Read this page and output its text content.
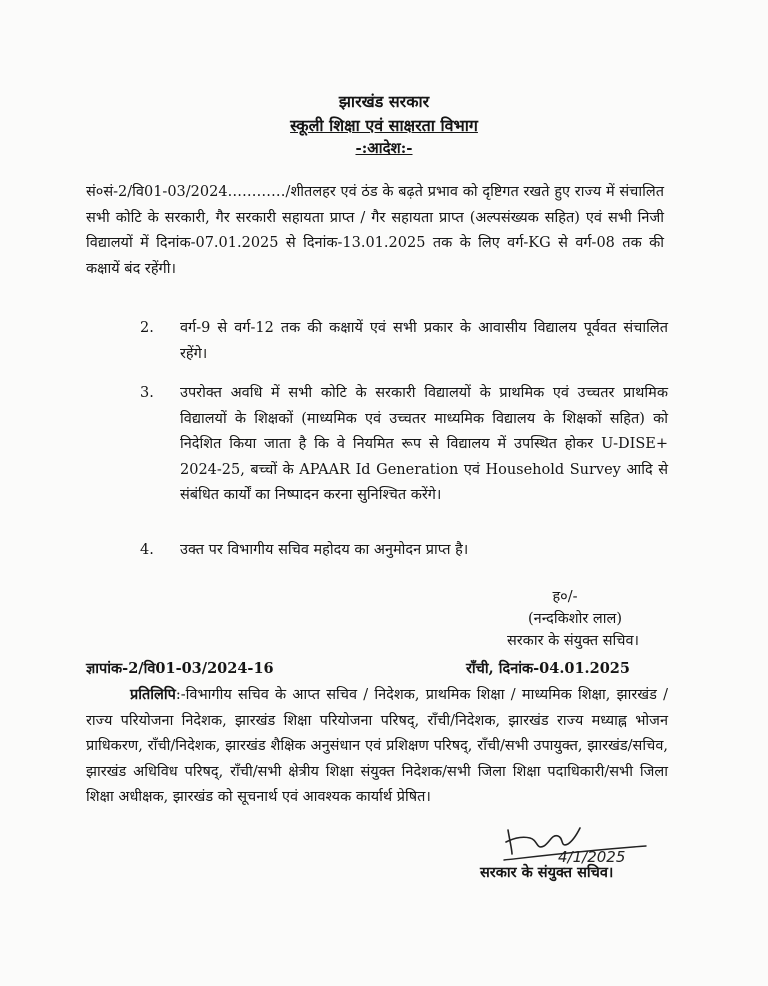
झारखंड सरकार
स्कूली शिक्षा एवं साक्षरता विभाग
-:आदेश:-
सं०सं-2/वि01-03/2024…………/शीतलहर एवं ठंड के बढ़ते प्रभाव को दृष्टिगत रखते हुए राज्य में संचालित सभी कोटि के सरकारी, गैर सरकारी सहायता प्राप्त / गैर सहायता प्राप्त (अल्पसंख्यक सहित) एवं सभी निजी विद्यालयों में दिनांक-07.01.2025 से दिनांक-13.01.2025 तक के लिए वर्ग-KG से वर्ग-08 तक की कक्षायें बंद रहेंगी।
2.	वर्ग-9 से वर्ग-12 तक की कक्षायें एवं सभी प्रकार के आवासीय विद्यालय पूर्ववत संचालित रहेंगे।
3.	उपरोक्त अवधि में सभी कोटि के सरकारी विद्यालयों के प्राथमिक एवं उच्चतर प्राथमिक विद्यालयों के शिक्षकों (माध्यमिक एवं उच्चतर माध्यमिक विद्यालय के शिक्षकों सहित) को निदेशित किया जाता है कि वे नियमित रूप से विद्यालय में उपस्थित होकर U-DISE+ 2024-25, बच्चों के APAAR Id Generation एवं Household Survey आदि से संबंधित कार्यों का निष्पादन करना सुनिश्चित करेंगे।
4.	उक्त पर विभागीय सचिव महोदय का अनुमोदन प्राप्त है।
ह०/-
(नन्दकिशोर लाल)
सरकार के संयुक्त सचिव।
ज्ञापांक-2/वि01-03/2024-16	राँची, दिनांक-04.01.2025
प्रतिलिपि:-विभागीय सचिव के आप्त सचिव / निदेशक, प्राथमिक शिक्षा / माध्यमिक शिक्षा, झारखंड /राज्य परियोजना निदेशक, झारखंड शिक्षा परियोजना परिषद्, राँची/निदेशक, झारखंड राज्य मध्याह्न भोजन प्राधिकरण, राँची/निदेशक, झारखंड शैक्षिक अनुसंधान एवं प्रशिक्षण परिषद्, राँची/सभी उपायुक्त, झारखंड/सचिव, झारखंड अधिविध परिषद्, राँची/सभी क्षेत्रीय शिक्षा संयुक्त निदेशक/सभी जिला शिक्षा पदाधिकारी/सभी जिला शिक्षा अधीक्षक, झारखंड को सूचनार्थ एवं आवश्यक कार्यार्थ प्रेषित।
4/1/2025
सरकार के संयुक्त सचिव।
